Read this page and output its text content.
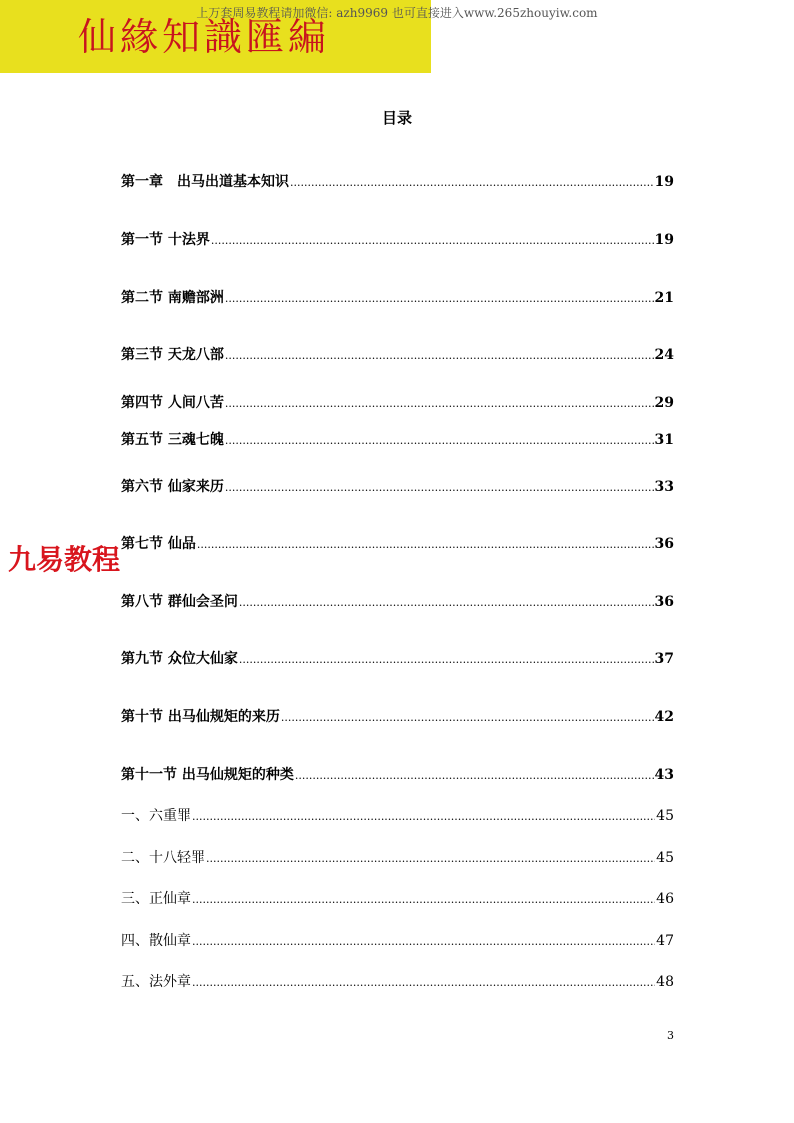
仙緣知識匯編
上万套周易教程请加微信: azh9969 也可直接进入www.265zhouyiw.com
目录
第一章　出马出道基本知识 .....	19
第一节 十法界 .....	19
第二节 南赡部洲 .....	21
第三节 天龙八部 .....	24
第四节 人间八苦 .....	29
第五节 三魂七魄 .....	31
第六节 仙家来历 .....	33
第七节 仙品 .....	36
第八节 群仙会圣问 .....	36
第九节 众位大仙家 .....	37
第十节 出马仙规矩的来历 .....	42
第十一节 出马仙规矩的种类 .....	43
一、六重罪 .....	45
二、十八轻罪 .....	45
三、正仙章 .....	46
四、散仙章 .....	47
五、法外章 .....	48
九易教程
3
